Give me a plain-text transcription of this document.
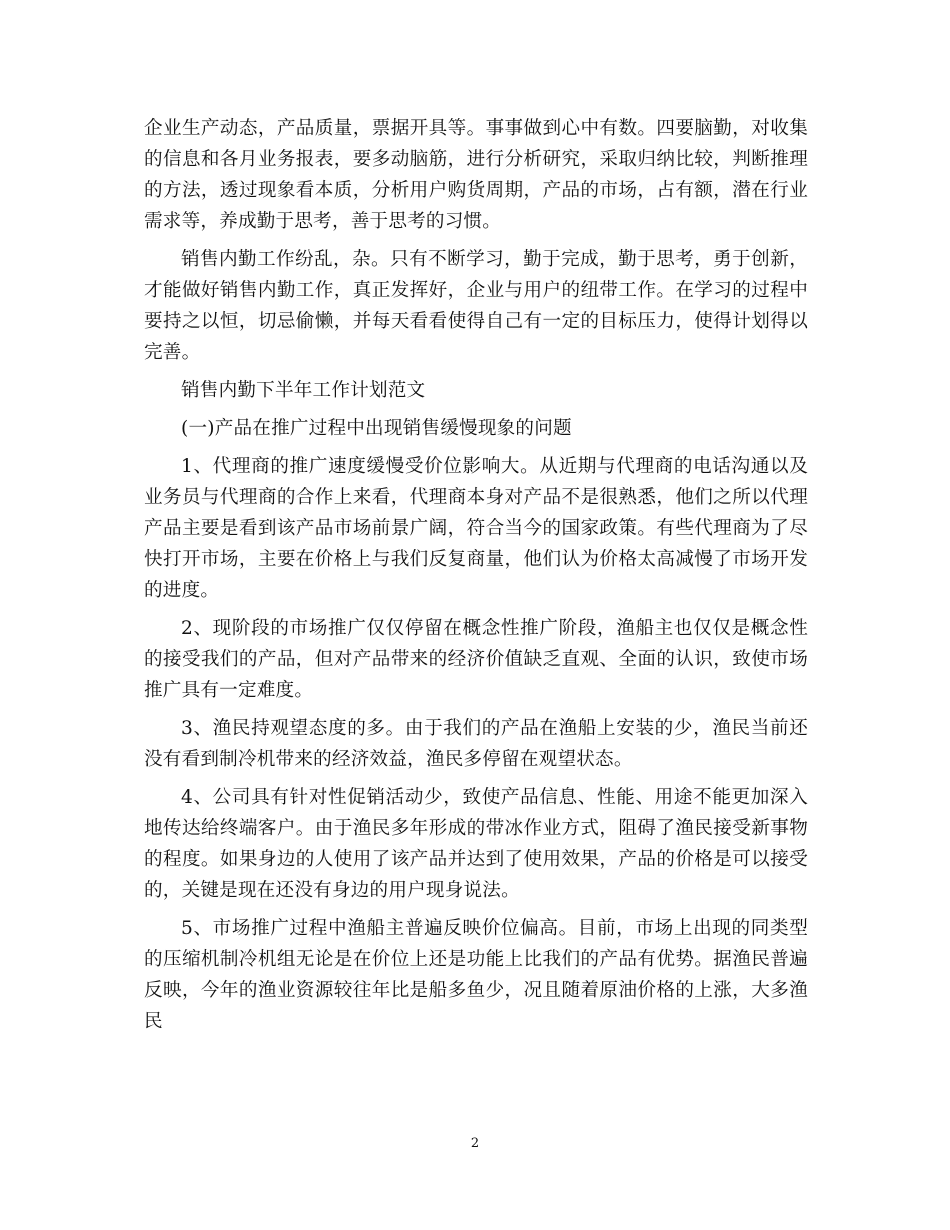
企业生产动态，产品质量，票据开具等。事事做到心中有数。四要脑勤，对收集的信息和各月业务报表，要多动脑筋，进行分析研究，采取归纳比较，判断推理的方法，透过现象看本质，分析用户购货周期，产品的市场，占有额，潜在行业需求等，养成勤于思考，善于思考的习惯。

销售内勤工作纷乱，杂。只有不断学习，勤于完成，勤于思考，勇于创新，才能做好销售内勤工作，真正发挥好，企业与用户的纽带工作。在学习的过程中要持之以恒，切忌偷懒，并每天看看使得自己有一定的目标压力，使得计划得以完善。

销售内勤下半年工作计划范文

(一)产品在推广过程中出现销售缓慢现象的问题

1、代理商的推广速度缓慢受价位影响大。从近期与代理商的电话沟通以及业务员与代理商的合作上来看，代理商本身对产品不是很熟悉，他们之所以代理产品主要是看到该产品市场前景广阔，符合当今的国家政策。有些代理商为了尽快打开市场，主要在价格上与我们反复商量，他们认为价格太高减慢了市场开发的进度。

2、现阶段的市场推广仅仅停留在概念性推广阶段，渔船主也仅仅是概念性的接受我们的产品，但对产品带来的经济价值缺乏直观、全面的认识，致使市场推广具有一定难度。

3、渔民持观望态度的多。由于我们的产品在渔船上安装的少，渔民当前还没有看到制冷机带来的经济效益，渔民多停留在观望状态。

4、公司具有针对性促销活动少，致使产品信息、性能、用途不能更加深入地传达给终端客户。由于渔民多年形成的带冰作业方式，阻碍了渔民接受新事物的程度。如果身边的人使用了该产品并达到了使用效果，产品的价格是可以接受的，关键是现在还没有身边的用户现身说法。

5、市场推广过程中渔船主普遍反映价位偏高。目前，市场上出现的同类型的压缩机制冷机组无论是在价位上还是功能上比我们的产品有优势。据渔民普遍反映，今年的渔业资源较往年比是船多鱼少，况且随着原油价格的上涨，大多渔民

2
